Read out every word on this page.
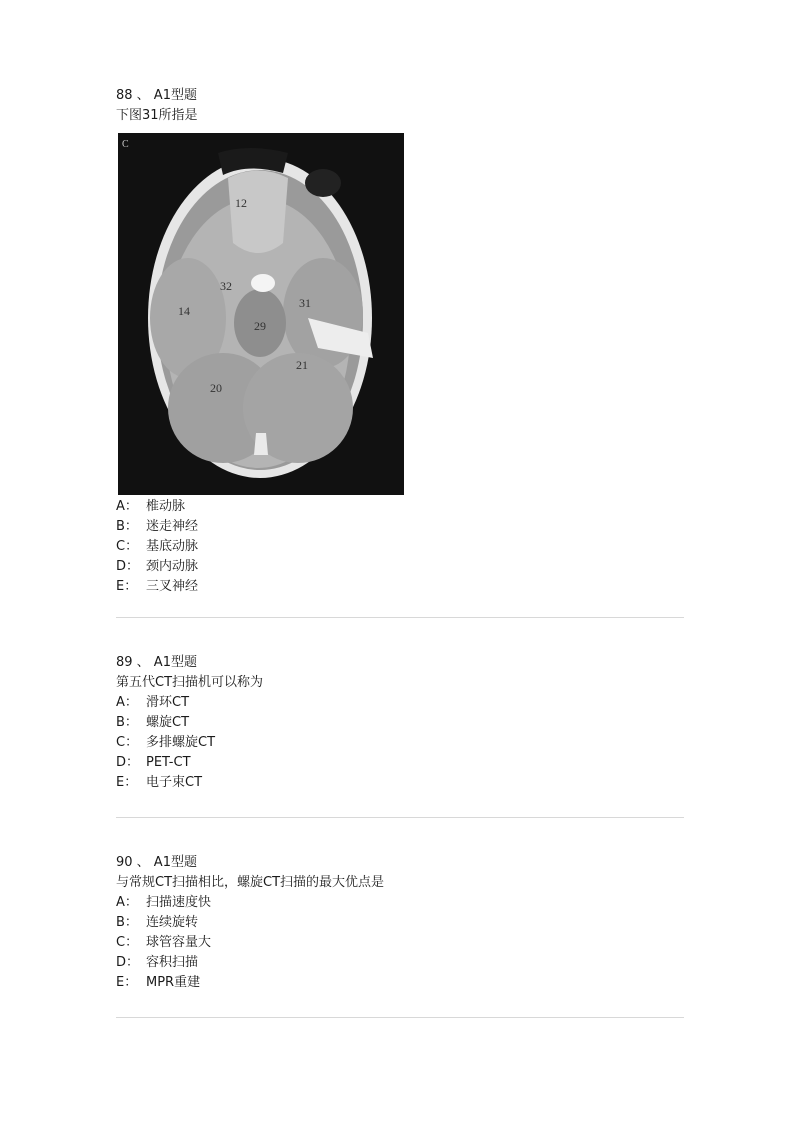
88 、 A1型题
下图31所指是
C
12
32
31
14
29
21
20
A： 椎动脉
B： 迷走神经
C： 基底动脉
D： 颈内动脉
E： 三叉神经
89 、 A1型题
第五代CT扫描机可以称为
A： 滑环CT
B： 螺旋CT
C： 多排螺旋CT
D： PET-CT
E： 电子束CT
90 、 A1型题
与常规CT扫描相比，螺旋CT扫描的最大优点是
A： 扫描速度快
B： 连续旋转
C： 球管容量大
D： 容积扫描
E： MPR重建
